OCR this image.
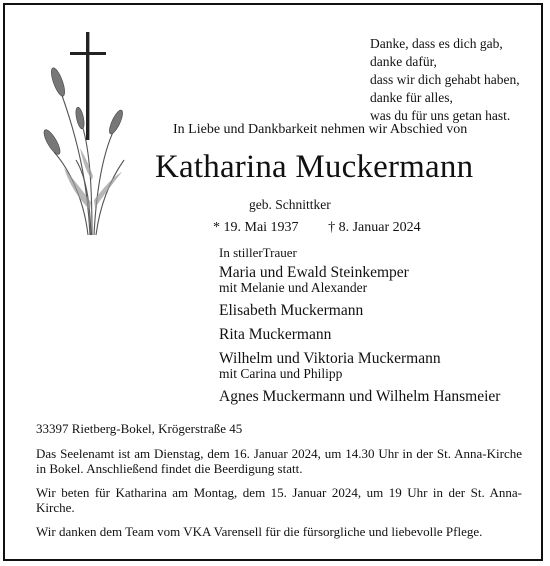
Danke, dass es dich gab,
danke dafür,
dass wir dich gehabt haben,
danke für alles,
was du für uns getan hast.
In Liebe und Dankbarkeit nehmen wir Abschied von
Katharina Muckermann
geb. Schnittker
* 19. Mai 1937 † 8. Januar 2024
In stillerTrauer
Maria und Ewald Steinkemper
mit Melanie und Alexander
Elisabeth Muckermann
Rita Muckermann
Wilhelm und Viktoria Muckermann
mit Carina und Philipp
Agnes Muckermann und Wilhelm Hansmeier
33397 Rietberg-Bokel, Krögerstraße 45
Das Seelenamt ist am Dienstag, dem 16. Januar 2024, um 14.30 Uhr in der St. Anna-Kirche in Bokel. Anschließend findet die Beerdigung statt.
Wir beten für Katharina am Montag, dem 15. Januar 2024, um 19 Uhr in der St. Anna-Kirche.
Wir danken dem Team vom VKA Varensell für die fürsorgliche und liebevolle Pflege.
